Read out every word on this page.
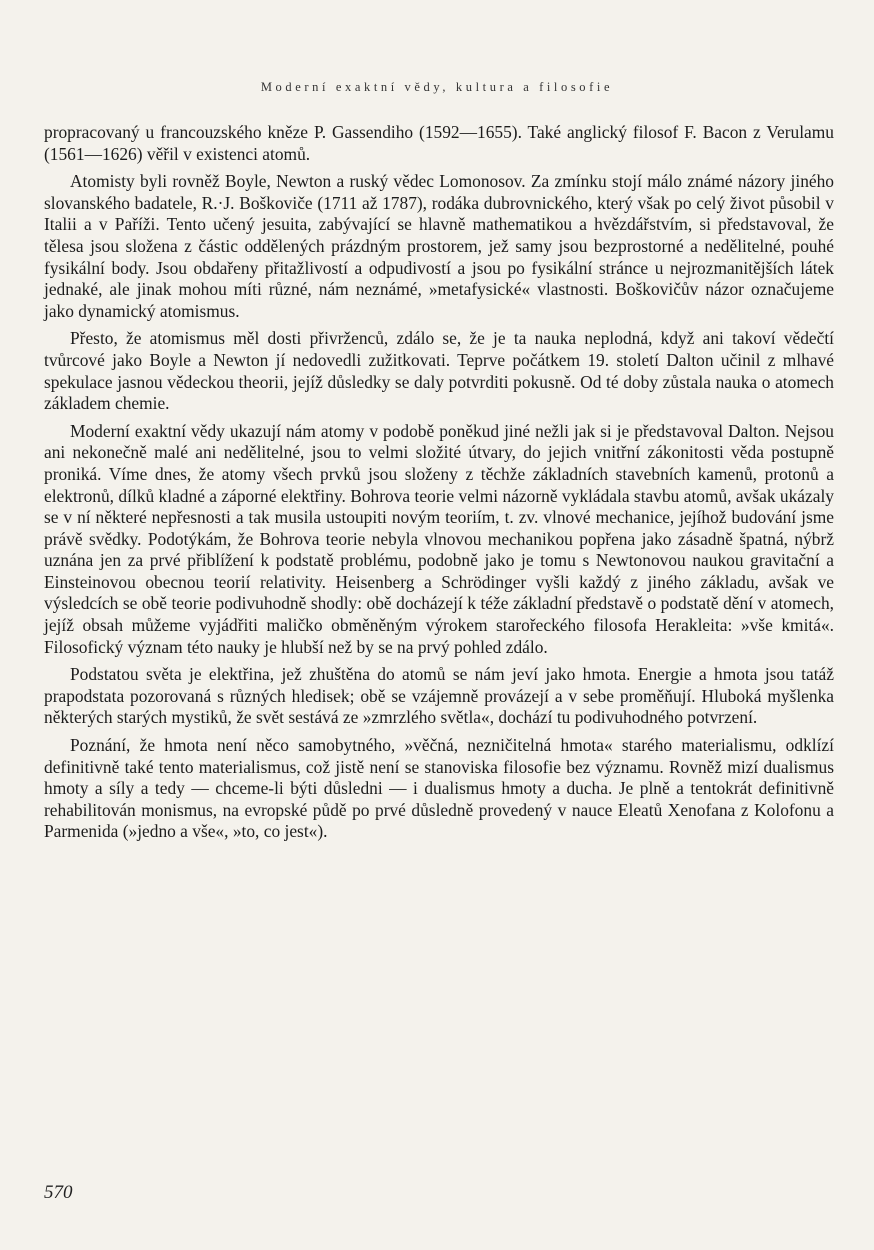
Moderní exaktní vědy, kultura a filosofie

propracovaný u francouzského kněze P. Gassendiho (1592—1655). Také anglický filosof F. Bacon z Verulamu (1561—1626) věřil v existenci atomů.

Atomisty byli rovněž Boyle, Newton a ruský vědec Lomonosov. Za zmínku stojí málo známé názory jiného slovanského badatele, R.·J. Boškoviče (1711 až 1787), rodáka dubrovnického, který však po celý život působil v Italii a v Paříži. Tento učený jesuita, zabývající se hlavně mathematikou a hvězdářstvím, si představoval, že tělesa jsou složena z částic oddělených prázdným prostorem, jež samy jsou bezprostorné a nedělitelné, pouhé fysikální body. Jsou obdařeny přitažlivostí a odpudivostí a jsou po fysikální stránce u nejrozmanitějších látek jednaké, ale jinak mohou míti různé, nám neznámé, »metafysické« vlastnosti. Boškovičův názor označujeme jako dynamický atomismus.

Přesto, že atomismus měl dosti přivrženců, zdálo se, že je ta nauka neplodná, když ani takoví vědečtí tvůrcové jako Boyle a Newton jí nedovedli zužitkovati. Teprve počátkem 19. století Dalton učinil z mlhavé spekulace jasnou vědeckou theorii, jejíž důsledky se daly potvrditi pokusně. Od té doby zůstala nauka o atomech základem chemie.

Moderní exaktní vědy ukazují nám atomy v podobě poněkud jiné nežli jak si je představoval Dalton. Nejsou ani nekonečně malé ani nedělitelné, jsou to velmi složité útvary, do jejich vnitřní zákonitosti věda postupně proniká. Víme dnes, že atomy všech prvků jsou složeny z těchže základních stavebních kamenů, protonů a elektronů, dílků kladné a záporné elektřiny. Bohrova teorie velmi názorně vykládala stavbu atomů, avšak ukázaly se v ní některé nepřesnosti a tak musila ustoupiti novým teoriím, t. zv. vlnové mechanice, jejíhož budování jsme právě svědky. Podotýkám, že Bohrova teorie nebyla vlnovou mechanikou popřena jako zásadně špatná, nýbrž uznána jen za prvé přiblížení k podstatě problému, podobně jako je tomu s Newtonovou naukou gravitační a Einsteinovou obecnou teorií relativity. Heisenberg a Schrödinger vyšli každý z jiného základu, avšak ve výsledcích se obě teorie podivuhodně shodly: obě docházejí k téže základní představě o podstatě dění v atomech, jejíž obsah můžeme vyjádřiti maličko obměněným výrokem starořeckého filosofa Herakleita: »vše kmitá«. Filosofický význam této nauky je hlubší než by se na prvý pohled zdálo.

Podstatou světa je elektřina, jež zhuštěna do atomů se nám jeví jako hmota. Energie a hmota jsou tatáž prapodstata pozorovaná s různých hledisek; obě se vzájemně provázejí a v sebe proměňují. Hluboká myšlenka některých starých mystiků, že svět sestává ze »zmrzlého světla«, dochází tu podivuhodného potvrzení.

Poznání, že hmota není něco samobytného, »věčná, nezničitelná hmota« starého materialismu, odklízí definitivně také tento materialismus, což jistě není se stanoviska filosofie bez významu. Rovněž mizí dualismus hmoty a síly a tedy — chceme-li býti důsledni — i dualismus hmoty a ducha. Je plně a tentokrát definitivně rehabilitován monismus, na evropské půdě po prvé důsledně provedený v nauce Eleatů Xenofana z Kolofonu a Parmenida (»jedno a vše«, »to, co jest«).

570
